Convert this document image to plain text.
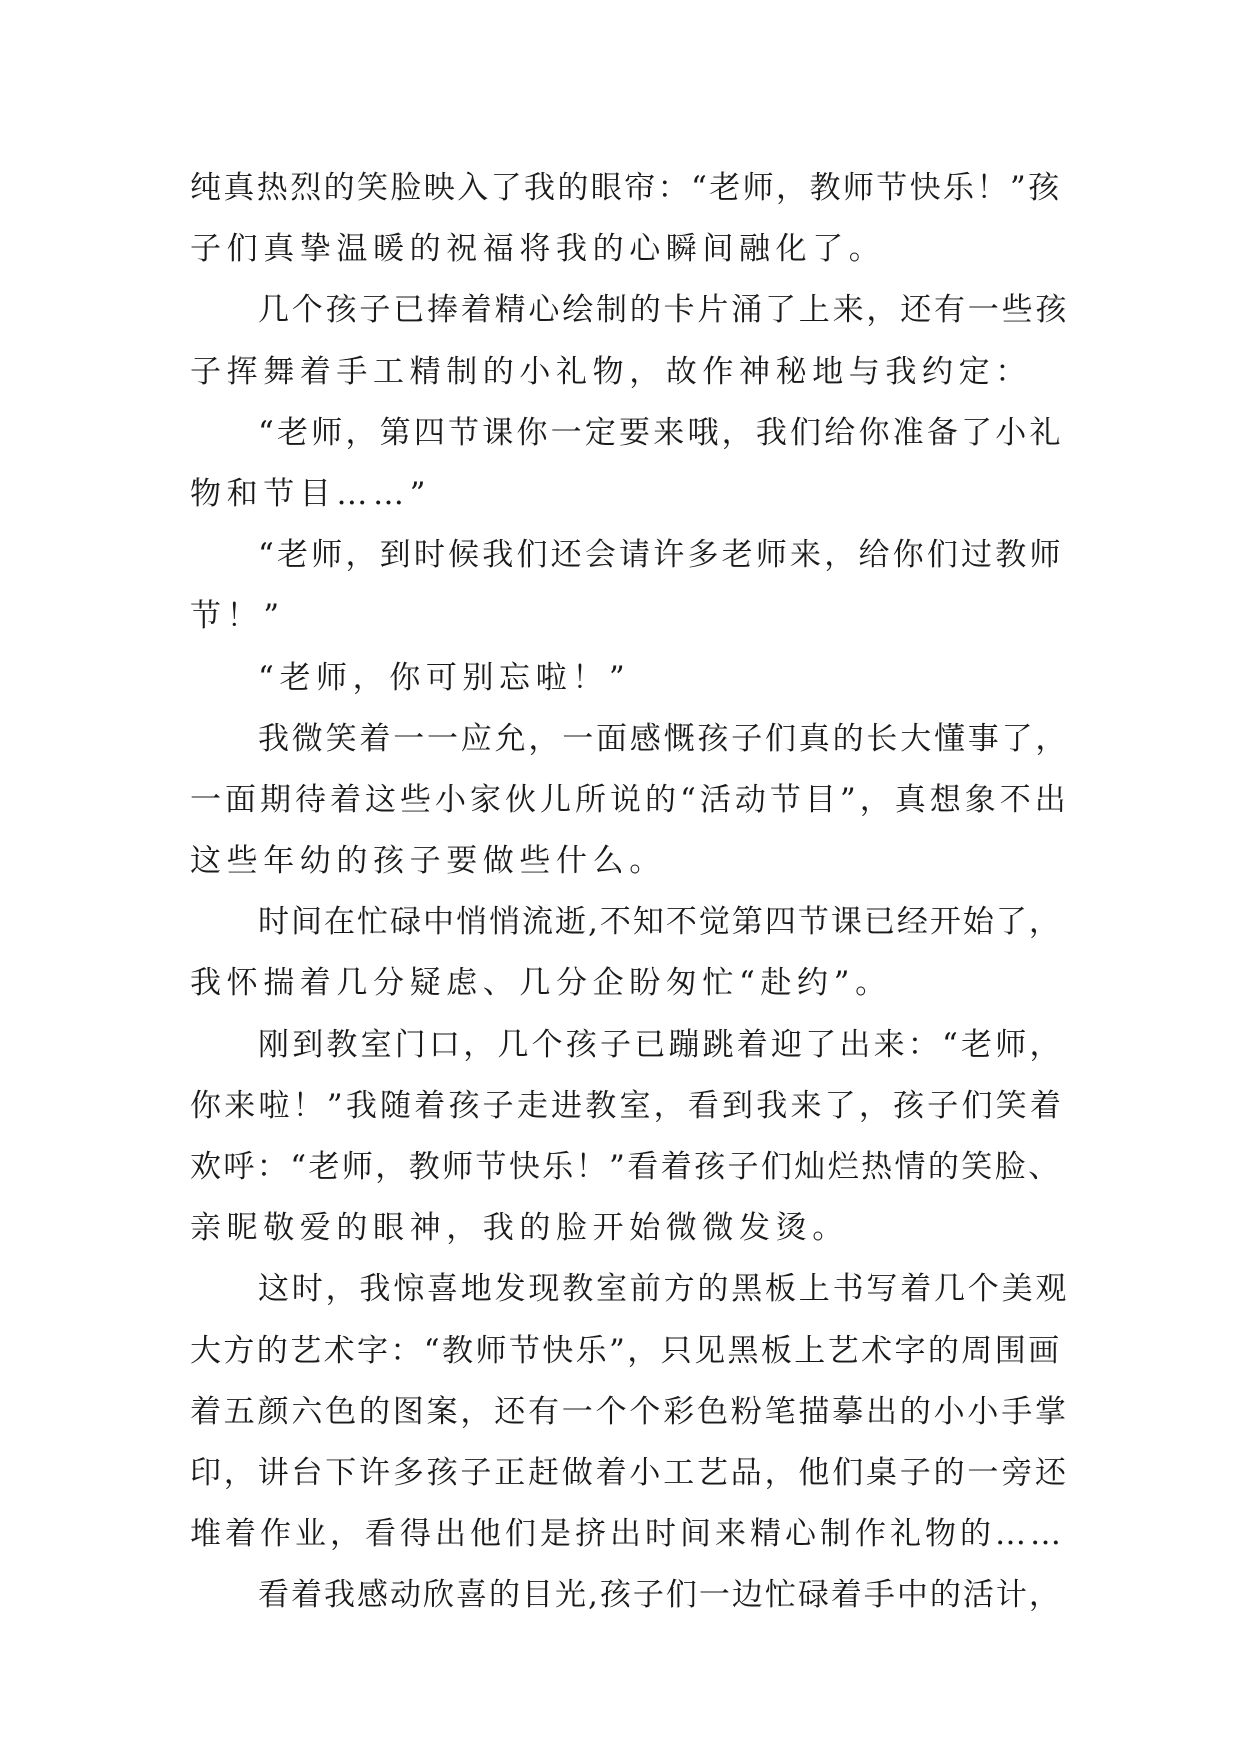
纯真热烈的笑脸映入了我的眼帘：“老师，教师节快乐！”孩
子们真挚温暖的祝福将我的心瞬间融化了。
几个孩子已捧着精心绘制的卡片涌了上来，还有一些孩
子挥舞着手工精制的小礼物，故作神秘地与我约定：
“老师，第四节课你一定要来哦，我们给你准备了小礼
物和节目……”
“老师，到时候我们还会请许多老师来，给你们过教师
节！”
“老师，你可别忘啦！”
我微笑着一一应允，一面感慨孩子们真的长大懂事了，
一面期待着这些小家伙儿所说的“活动节目”，真想象不出
这些年幼的孩子要做些什么。
时间在忙碌中悄悄流逝,不知不觉第四节课已经开始了，
我怀揣着几分疑虑、几分企盼匆忙“赴约”。
刚到教室门口，几个孩子已蹦跳着迎了出来：“老师，
你来啦！”我随着孩子走进教室，看到我来了，孩子们笑着
欢呼：“老师，教师节快乐！”看着孩子们灿烂热情的笑脸、
亲昵敬爱的眼神，我的脸开始微微发烫。
这时，我惊喜地发现教室前方的黑板上书写着几个美观
大方的艺术字：“教师节快乐”，只见黑板上艺术字的周围画
着五颜六色的图案，还有一个个彩色粉笔描摹出的小小手掌
印，讲台下许多孩子正赶做着小工艺品，他们桌子的一旁还
堆着作业，看得出他们是挤出时间来精心制作礼物的……
看着我感动欣喜的目光,孩子们一边忙碌着手中的活计，
